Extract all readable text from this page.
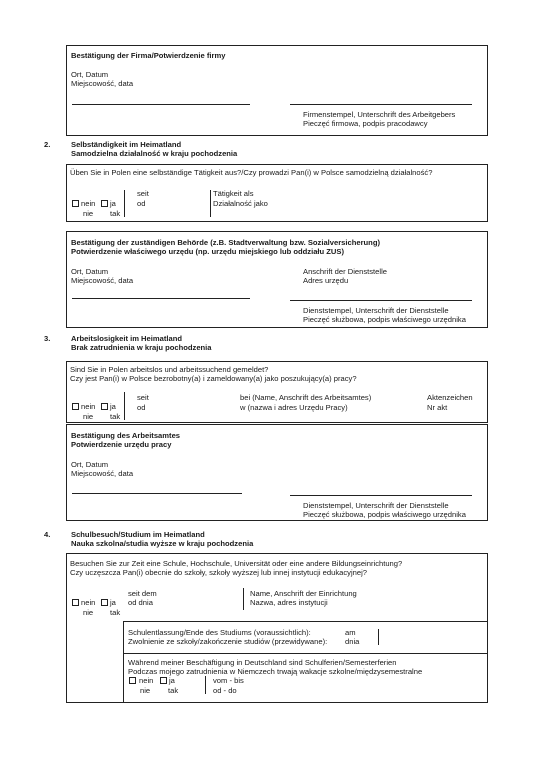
Bestätigung der Firma/Potwierdzenie firmy
Ort, Datum
Miejscowość, data
Firmenstempel, Unterschrift des Arbeitgebers
Pieczęć firmowa, podpis pracodawcy
2.	Selbständigkeit im Heimatland
Samodzielna działalność w kraju pochodzenia
Üben Sie in Polen eine selbständige Tätigkeit aus?/Czy prowadzi Pan(i) w Polsce samodzielną działalność?
nein ja
nie tak
seit
od
Tätigkeit als
Działalność jako
Bestätigung der zuständigen Behörde (z.B. Stadtverwaltung bzw. Sozialversicherung)
Potwierdzenie właściwego urzędu (np. urzędu miejskiego lub oddziału ZUS)
Ort, Datum
Miejscowość, data
Anschrift der Dienststelle
Adres urzędu
Dienststempel, Unterschrift der Dienststelle
Pieczęć służbowa, podpis właściwego urzędnika
3.	Arbeitslosigkeit im Heimatland
Brak zatrudnienia w kraju pochodzenia
Sind Sie in Polen arbeitslos und arbeitssuchend gemeldet?
Czy jest Pan(i) w Polsce bezrobotny(a) i zameldowany(a) jako poszukujący(a) pracy?
nein ja
nie tak
seit
od
bei (Name, Anschrift des Arbeitsamtes)
w (nazwa i adres Urzędu Pracy)
Aktenzeichen
Nr akt
Bestätigung des Arbeitsamtes
Potwierdzenie urzędu pracy
Ort, Datum
Miejscowość, data
Dienststempel, Unterschrift der Dienststelle
Pieczęć służbowa, podpis właściwego urzędnika
4.	Schulbesuch/Studium im Heimatland
Nauka szkolna/studia wyższe w kraju pochodzenia
Besuchen Sie zur Zeit eine Schule, Hochschule, Universität oder eine andere Bildungseinrichtung?
Czy uczęszcza Pan(i) obecnie do szkoły, szkoły wyższej lub innej instytucji edukacyjnej?
nein ja
nie tak
seit dem
od dnia
Name, Anschrift der Einrichtung
Nazwa, adres instytucji
Schulentlassung/Ende des Studiums (voraussichtlich):	am
Zwolnienie ze szkoły/zakończenie studiów (przewidywane): dnia
Während meiner Beschäftigung in Deutschland sind Schulferien/Semesterferien
Podczas mojego zatrudnienia w Niemczech trwają wakacje szkolne/międzysemestralne
nein ja
nie tak
vom - bis
od - do
